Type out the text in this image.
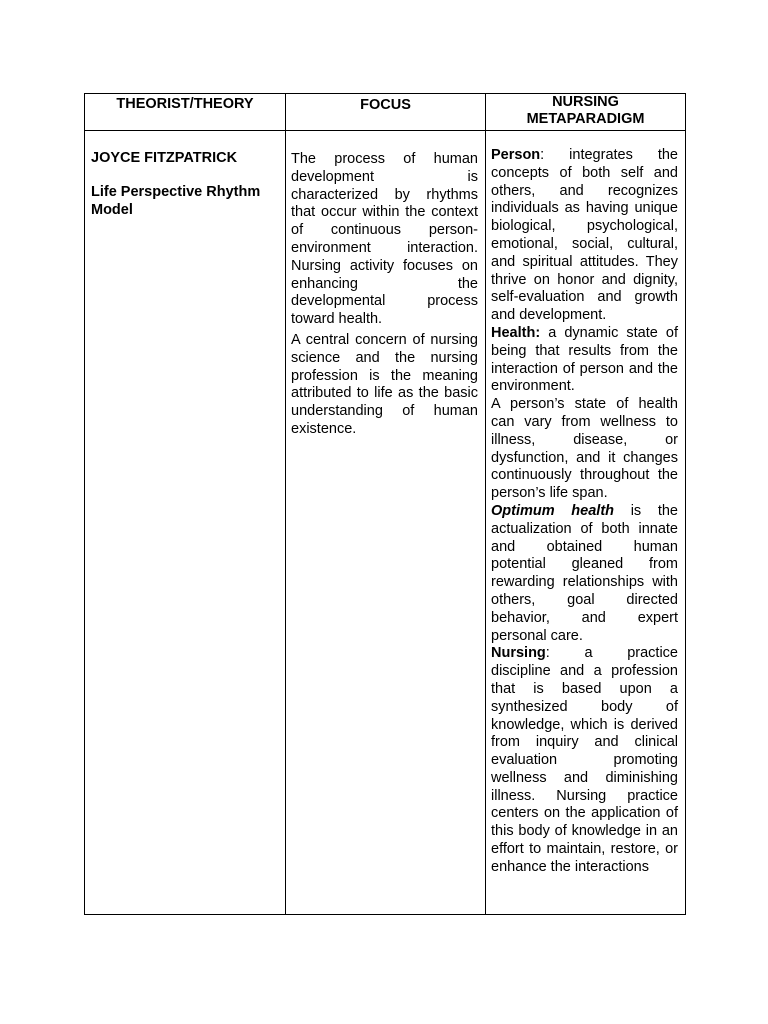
THEORIST/THEORY	FOCUS	NURSING
METAPARADIGM

JOYCE FITZPATRICK

Life Perspective Rhythm
Model

The process of human development is characterized by rhythms that occur within the context of continuous person-environment interaction. Nursing activity focuses on enhancing the developmental process toward health.

A central concern of nursing science and the nursing profession is the meaning attributed to life as the basic understanding of human existence.

Person: integrates the concepts of both self and others, and recognizes individuals as having unique biological, psychological, emotional, social, cultural, and spiritual attitudes. They thrive on honor and dignity, self-evaluation and growth and development.

Health: a dynamic state of being that results from the interaction of person and the environment.

A person’s state of health can vary from wellness to illness, disease, or dysfunction, and it changes continuously throughout the person’s life span.

Optimum health is the actualization of both innate and obtained human potential gleaned from rewarding relationships with others, goal directed behavior, and expert personal care.

Nursing: a practice discipline and a profession that is based upon a synthesized body of knowledge, which is derived from inquiry and clinical evaluation promoting wellness and diminishing illness. Nursing practice centers on the application of this body of knowledge in an effort to maintain, restore, or enhance the interactions
